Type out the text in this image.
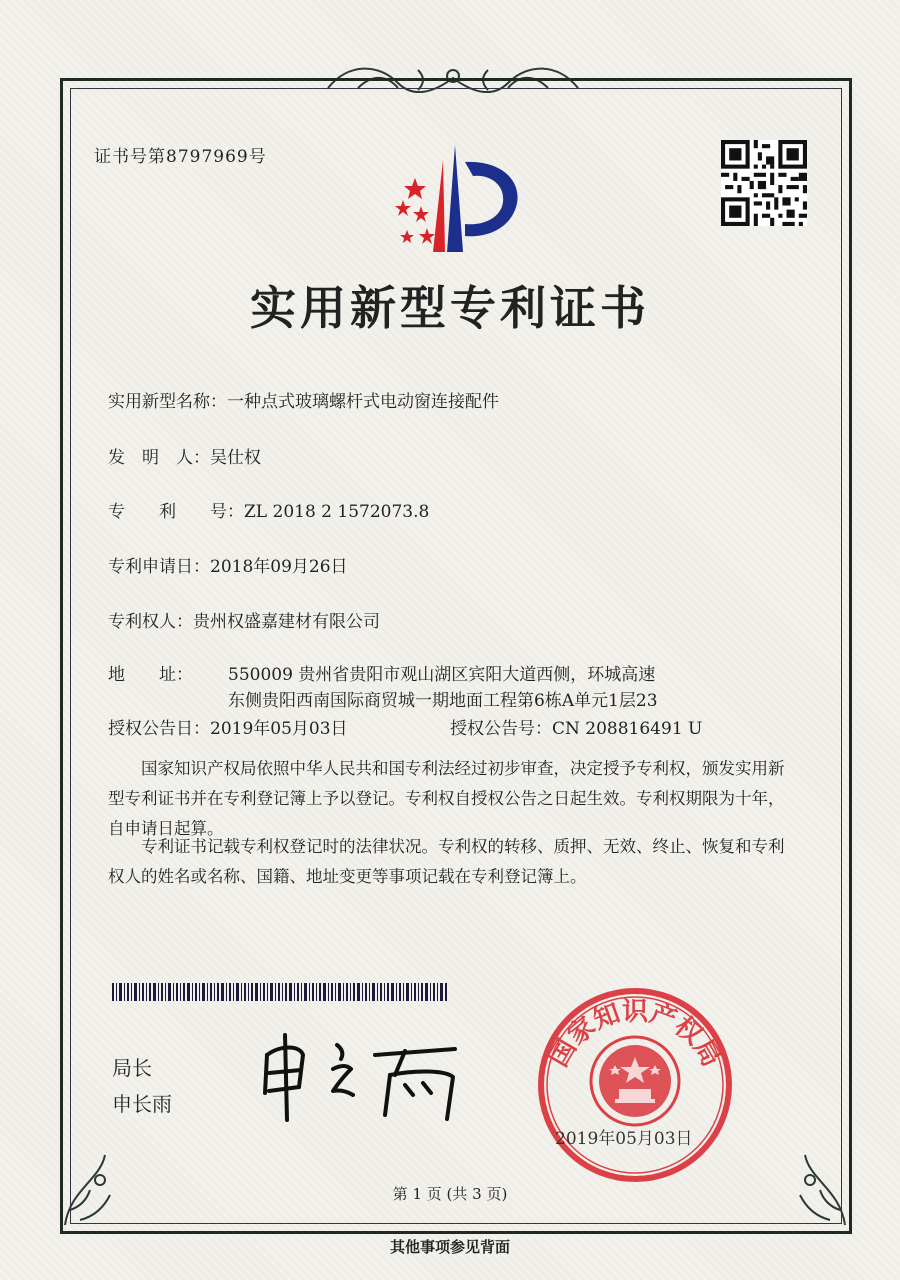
证书号第8797969号
实用新型专利证书
实用新型名称：一种点式玻璃螺杆式电动窗连接配件
发　明　人：吴仕权
专　　利　　号：ZL 2018 2 1572073.8
专利申请日：2018年09月26日
专利权人：贵州权盛嘉建材有限公司
地　　址： 550009 贵州省贵阳市观山湖区宾阳大道西侧，环城高速
东侧贵阳西南国际商贸城一期地面工程第6栋A单元1层23
授权公告日：2019年05月03日	授权公告号：CN 208816491 U
国家知识产权局依照中华人民共和国专利法经过初步审查，决定授予专利权，颁发实用新型专利证书并在专利登记簿上予以登记。专利权自授权公告之日起生效。专利权期限为十年，自申请日起算。
专利证书记载专利权登记时的法律状况。专利权的转移、质押、无效、终止、恢复和专利权人的姓名或名称、国籍、地址变更等事项记载在专利登记簿上。
局长
申长雨
国家知识产权局
2019年05月03日
第 1 页 (共 3 页)
其他事项参见背面
